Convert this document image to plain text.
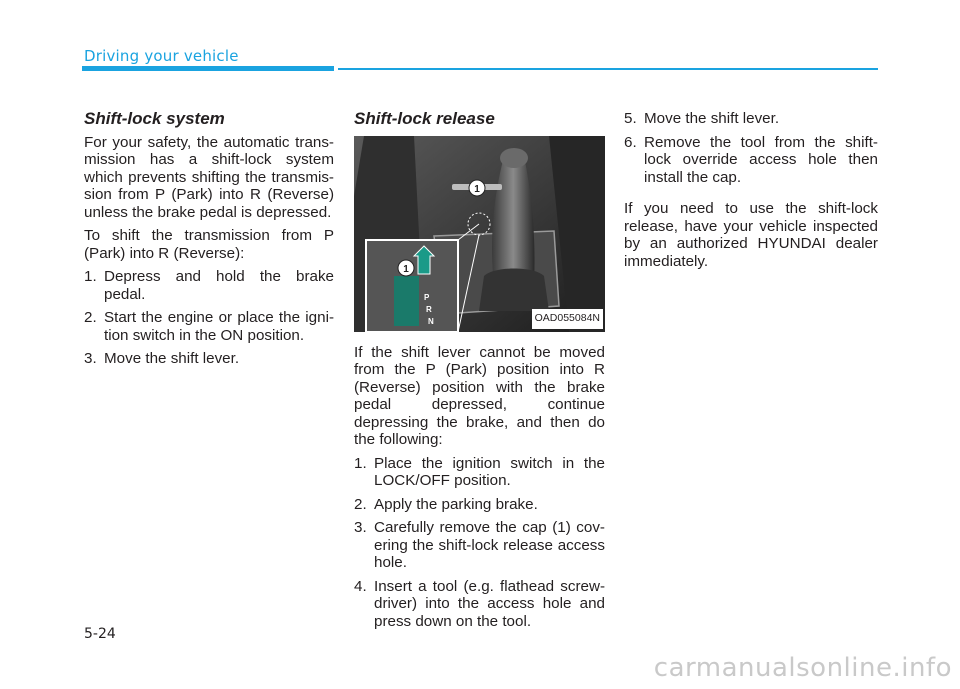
Driving your vehicle
Shift-lock system

For your safety, the automatic trans-mission has a shift-lock system which prevents shifting the transmis-sion from P (Park) into R (Reverse) unless the brake pedal is depressed.

To shift the transmission from P (Park) into R (Reverse):

1. Depress and hold the brake pedal.
2. Start the engine or place the igni-tion switch in the ON position.
3. Move the shift lever.
Shift-lock release
1
1
P
R
N	OAD055084N

If the shift lever cannot be moved from the P (Park) position into R (Reverse) position with the brake pedal depressed, continue depressing the brake, and then do the following:

1. Place the ignition switch in the LOCK/OFF position.
2. Apply the parking brake.
3. Carefully remove the cap (1) cov-ering the shift-lock release access hole.
4. Insert a tool (e.g. flathead screw-driver) into the access hole and press down on the tool.
5. Move the shift lever.
6. Remove the tool from the shift-lock override access hole then install the cap.

If you need to use the shift-lock release, have your vehicle inspected by an authorized HYUNDAI dealer immediately.

5-24
carmanualsonline.info
